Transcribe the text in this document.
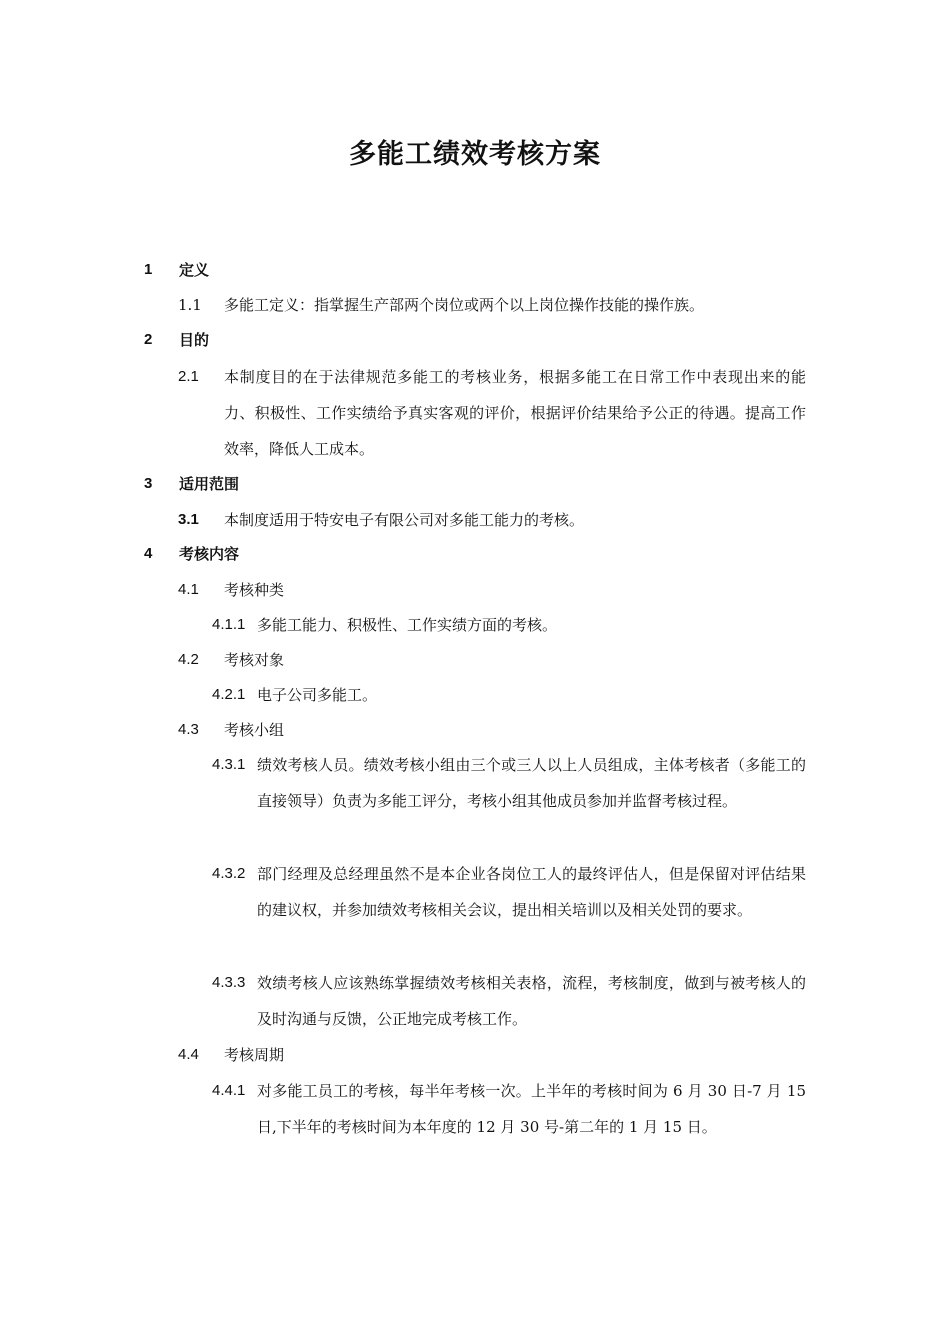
多能工绩效考核方案
1 定义
1.1 多能工定义：指掌握生产部两个岗位或两个以上岗位操作技能的操作族。
2 目的
2.1 本制度目的在于法律规范多能工的考核业务，根据多能工在日常工作中表现出来的能力、积极性、工作实绩给予真实客观的评价，根据评价结果给予公正的待遇。提高工作效率，降低人工成本。
3 适用范围
3.1 本制度适用于特安电子有限公司对多能工能力的考核。
4 考核内容
4.1 考核种类
4.1.1 多能工能力、积极性、工作实绩方面的考核。
4.2 考核对象
4.2.1 电子公司多能工。
4.3 考核小组
4.3.1 绩效考核人员。绩效考核小组由三个或三人以上人员组成，主体考核者（多能工的直接领导）负责为多能工评分，考核小组其他成员参加并监督考核过程。
4.3.2 部门经理及总经理虽然不是本企业各岗位工人的最终评估人，但是保留对评估结果的建议权，并参加绩效考核相关会议，提出相关培训以及相关处罚的要求。
4.3.3 效绩考核人应该熟练掌握绩效考核相关表格，流程，考核制度，做到与被考核人的及时沟通与反馈，公正地完成考核工作。
4.4 考核周期
4.4.1 对多能工员工的考核，每半年考核一次。上半年的考核时间为 6 月 30 日-7 月 15 日,下半年的考核时间为本年度的 12 月 30 号-第二年的 1 月 15 日。
